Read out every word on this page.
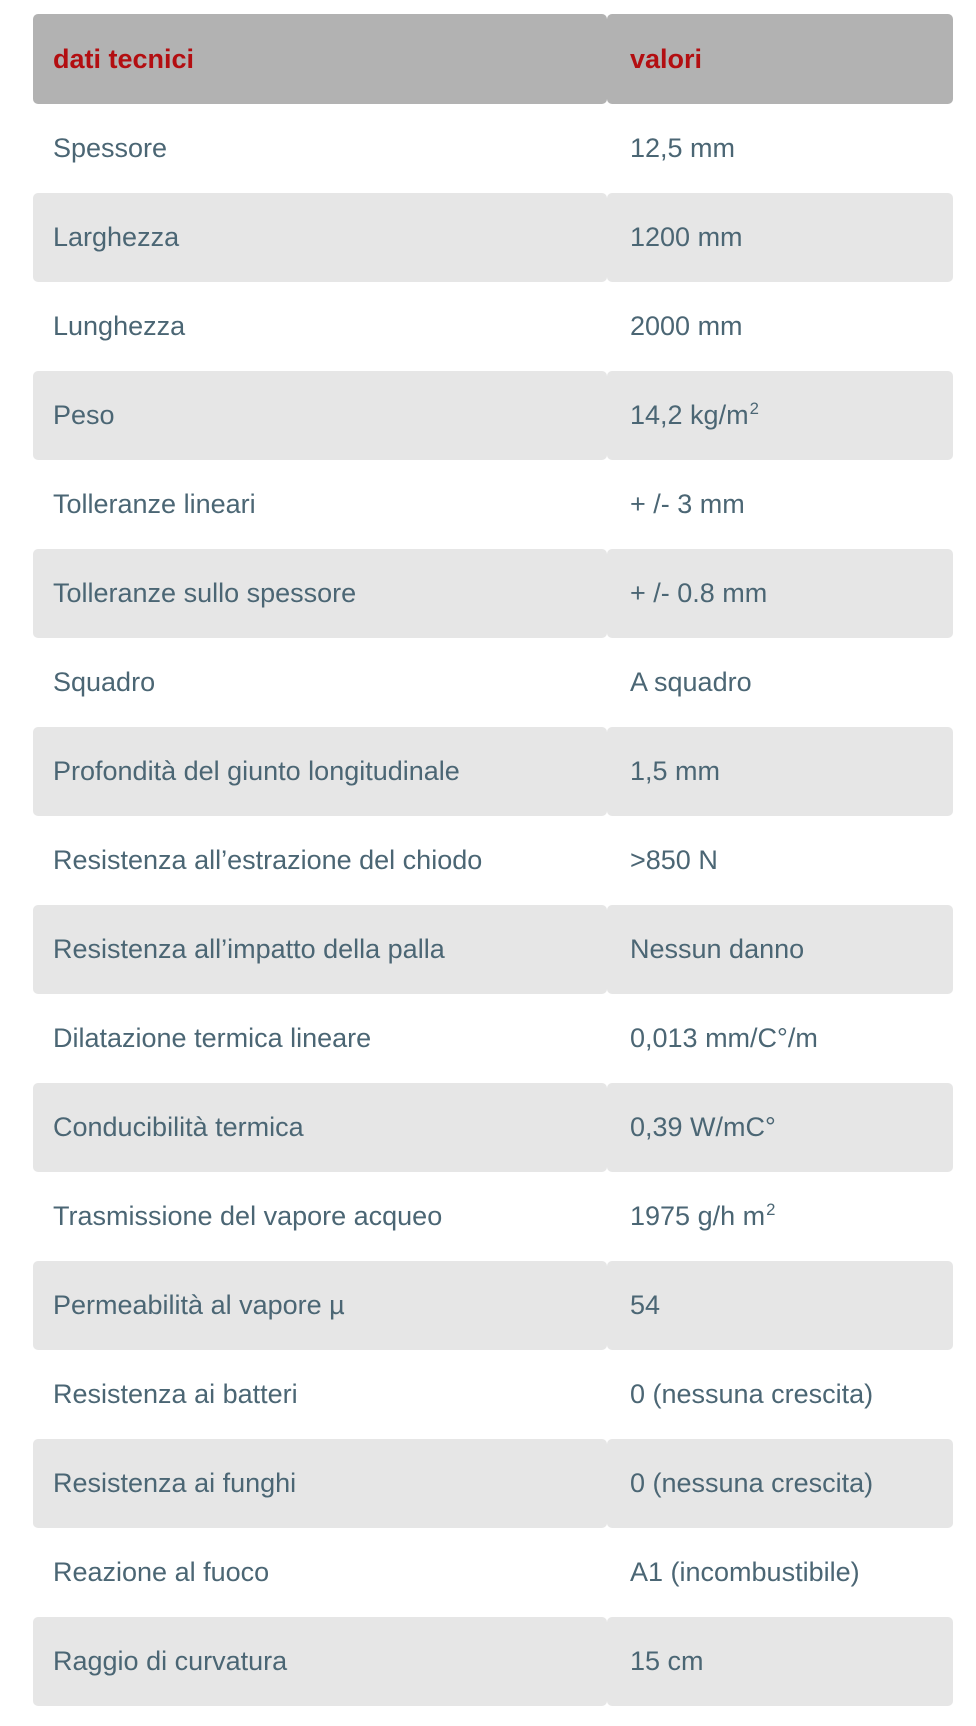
dati tecnici	valori
Spessore	12,5 mm
Larghezza	1200 mm
Lunghezza	2000 mm
Peso	14,2 $kg/m^2$
Tolleranze lineari	+ /- 3 mm
Tolleranze sullo spessore	+ /- 0.8 mm
Squadro	A squadro
Profondità del giunto longitudinale	1,5 mm
Resistenza all’estrazione del chiodo	>850 N
Resistenza all’impatto della palla	Nessun danno
Dilatazione termica lineare	0,013 mm/C°/m
Conducibilità termica	0,39 W/mC°
Trasmissione del vapore acqueo	1975 g/h $m^2$
Permeabilità al vapore µ	54
Resistenza ai batteri	0 (nessuna crescita)
Resistenza ai funghi	0 (nessuna crescita)
Reazione al fuoco	A1 (incombustibile)
Raggio di curvatura	15 cm
